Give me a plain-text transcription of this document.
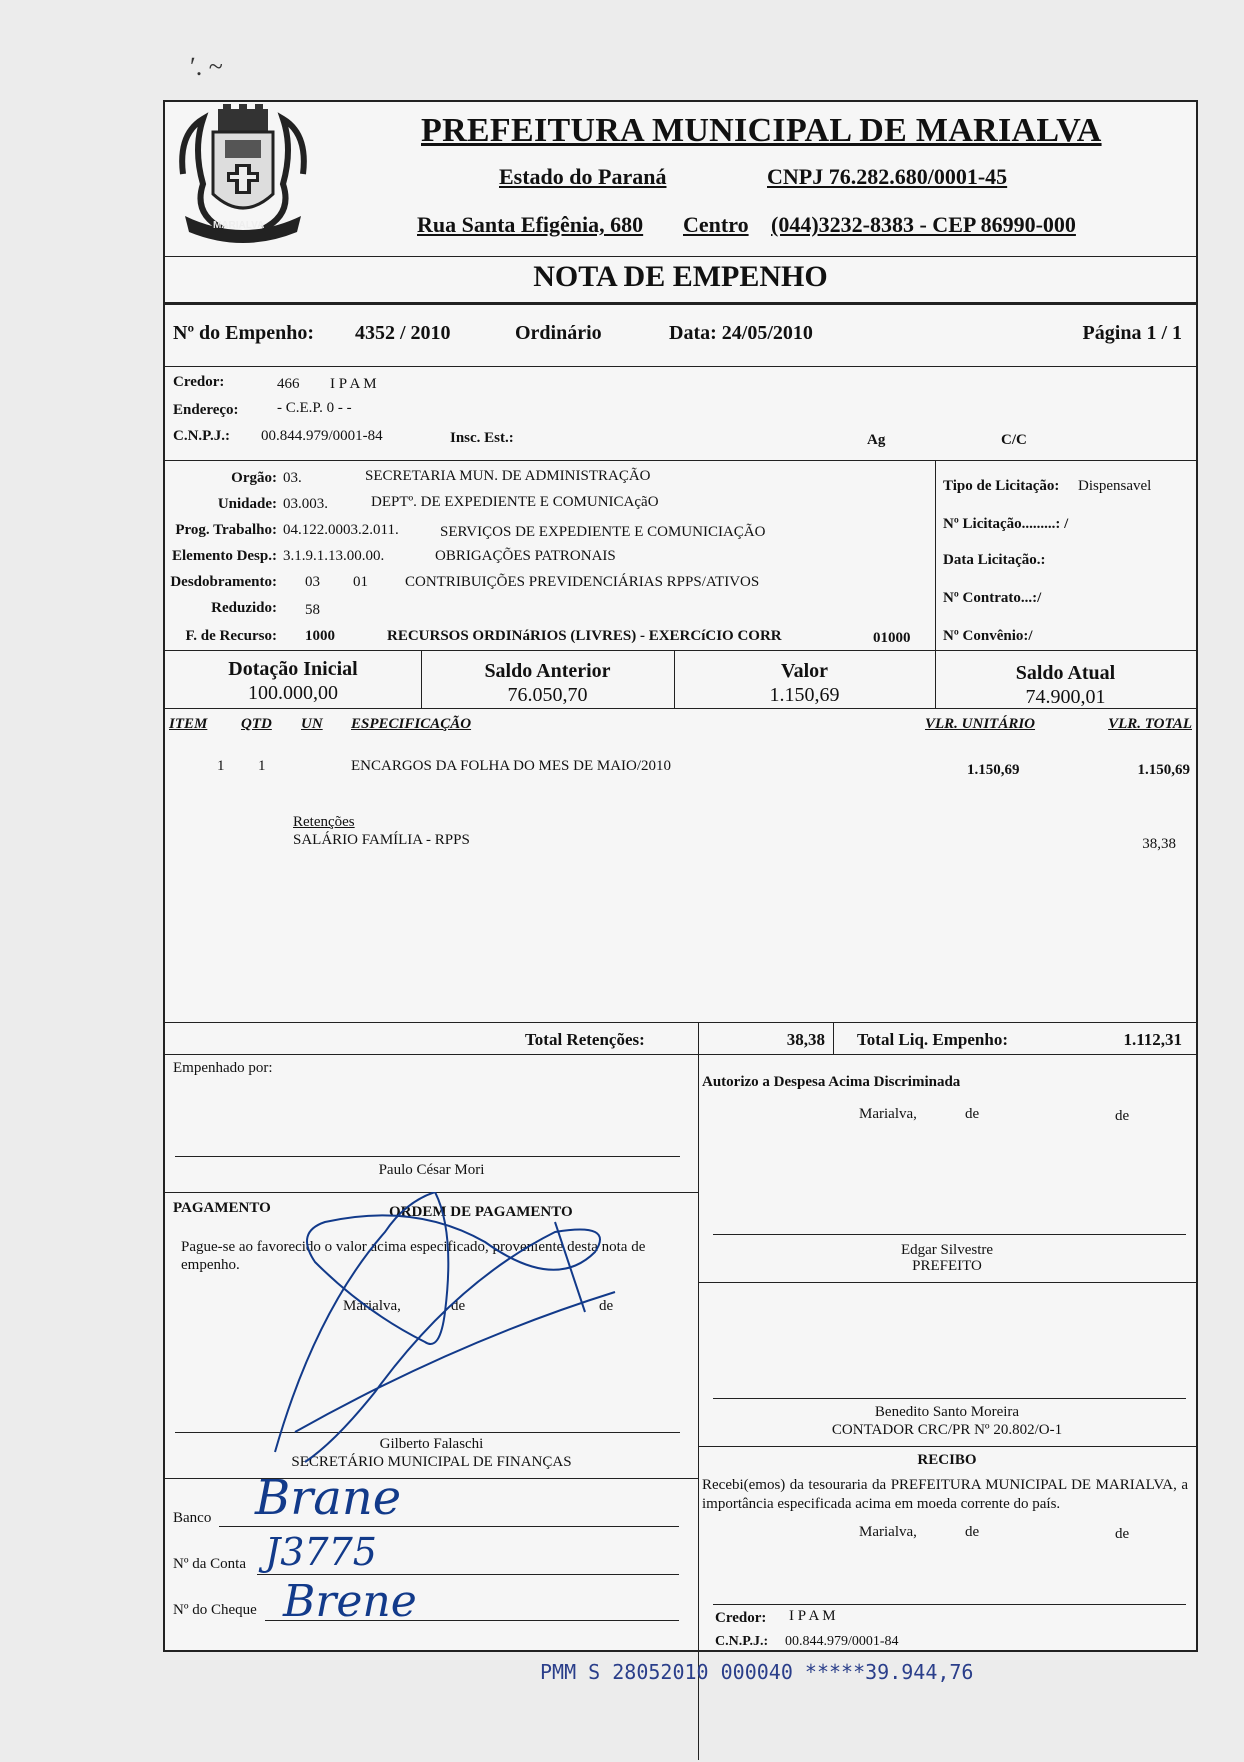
ʹ. ~
MARIALVA
PREFEITURA MUNICIPAL DE MARIALVA
Estado do Paraná	CNPJ 76.282.680/0001-45
Rua Santa Efigênia, 680 Centro (044)3232-8383 - CEP 86990-000
NOTA DE EMPENHO
Nº do Empenho: 4352 / 2010	Ordinário	Data: 24/05/2010	Página 1 / 1
Credor:	466 I P A M
Endereço:	- C.E.P. 0 - -
C.N.P.J.: 00.844.979/0001-84	Insc. Est.:	Ag	C/C
Orgão: 03.	SECRETARIA MUN. DE ADMINISTRAÇÃO
Unidade: 03.003.	DEPTº. DE EXPEDIENTE E COMUNICAçãO
Prog. Trabalho: 04.122.0003.2.011.	SERVIÇOS DE EXPEDIENTE E COMUNICIAÇÃO
Elemento Desp.: 3.1.9.1.13.00.00.	OBRIGAÇÕES PATRONAIS
Desdobramento: 03 01 CONTRIBUIÇÕES PREVIDENCIÁRIAS RPPS/ATIVOS
Reduzido: 58
F. de Recurso: 1000	RECURSOS ORDINáRIOS (LIVRES) - EXERCíCIO CORR	01000
Tipo de Licitação: Dispensavel
Nº Licitação.........: /
Data Licitação.:
Nº Contrato...:/
Nº Convênio:/
Dotação Inicial
100.000,00
Saldo Anterior
76.050,70
Valor
1.150,69
Saldo Atual
74.900,01
ITEM QTD UN ESPECIFICAÇÃO	VLR. UNITÁRIO	VLR. TOTAL
1 1	ENCARGOS DA FOLHA DO MES DE MAIO/2010	1.150,69	1.150,69
Retenções
SALÁRIO FAMÍLIA - RPPS	38,38
Total Retenções:	38,38 Total Liq. Empenho:	1.112,31
Empenhado por:
Paulo César Mori
Autorizo a Despesa Acima Discriminada
Marialva,	de	de
Edgar Silvestre
PREFEITO
PAGAMENTO	ORDEM DE PAGAMENTO
Pague-se ao favorecido o valor acima especificado, proveniente desta nota de empenho.
Marialva,	de	de
Gilberto Falaschi
SECRETÁRIO MUNICIPAL DE FINANÇAS
Benedito Santo Moreira
CONTADOR CRC/PR Nº 20.802/O-1
RECIBO
Recebi(emos) da tesouraria da PREFEITURA MUNICIPAL DE MARIALVA, a importância especificada acima em moeda corrente do país.
Marialva,	de	de
Credor: I P A M
C.N.P.J.: 00.844.979/0001-84
Banco Brane
Nº da Conta J3775
Nº do Cheque Brene
PMM S 28052010 000040 *****39.944,76
